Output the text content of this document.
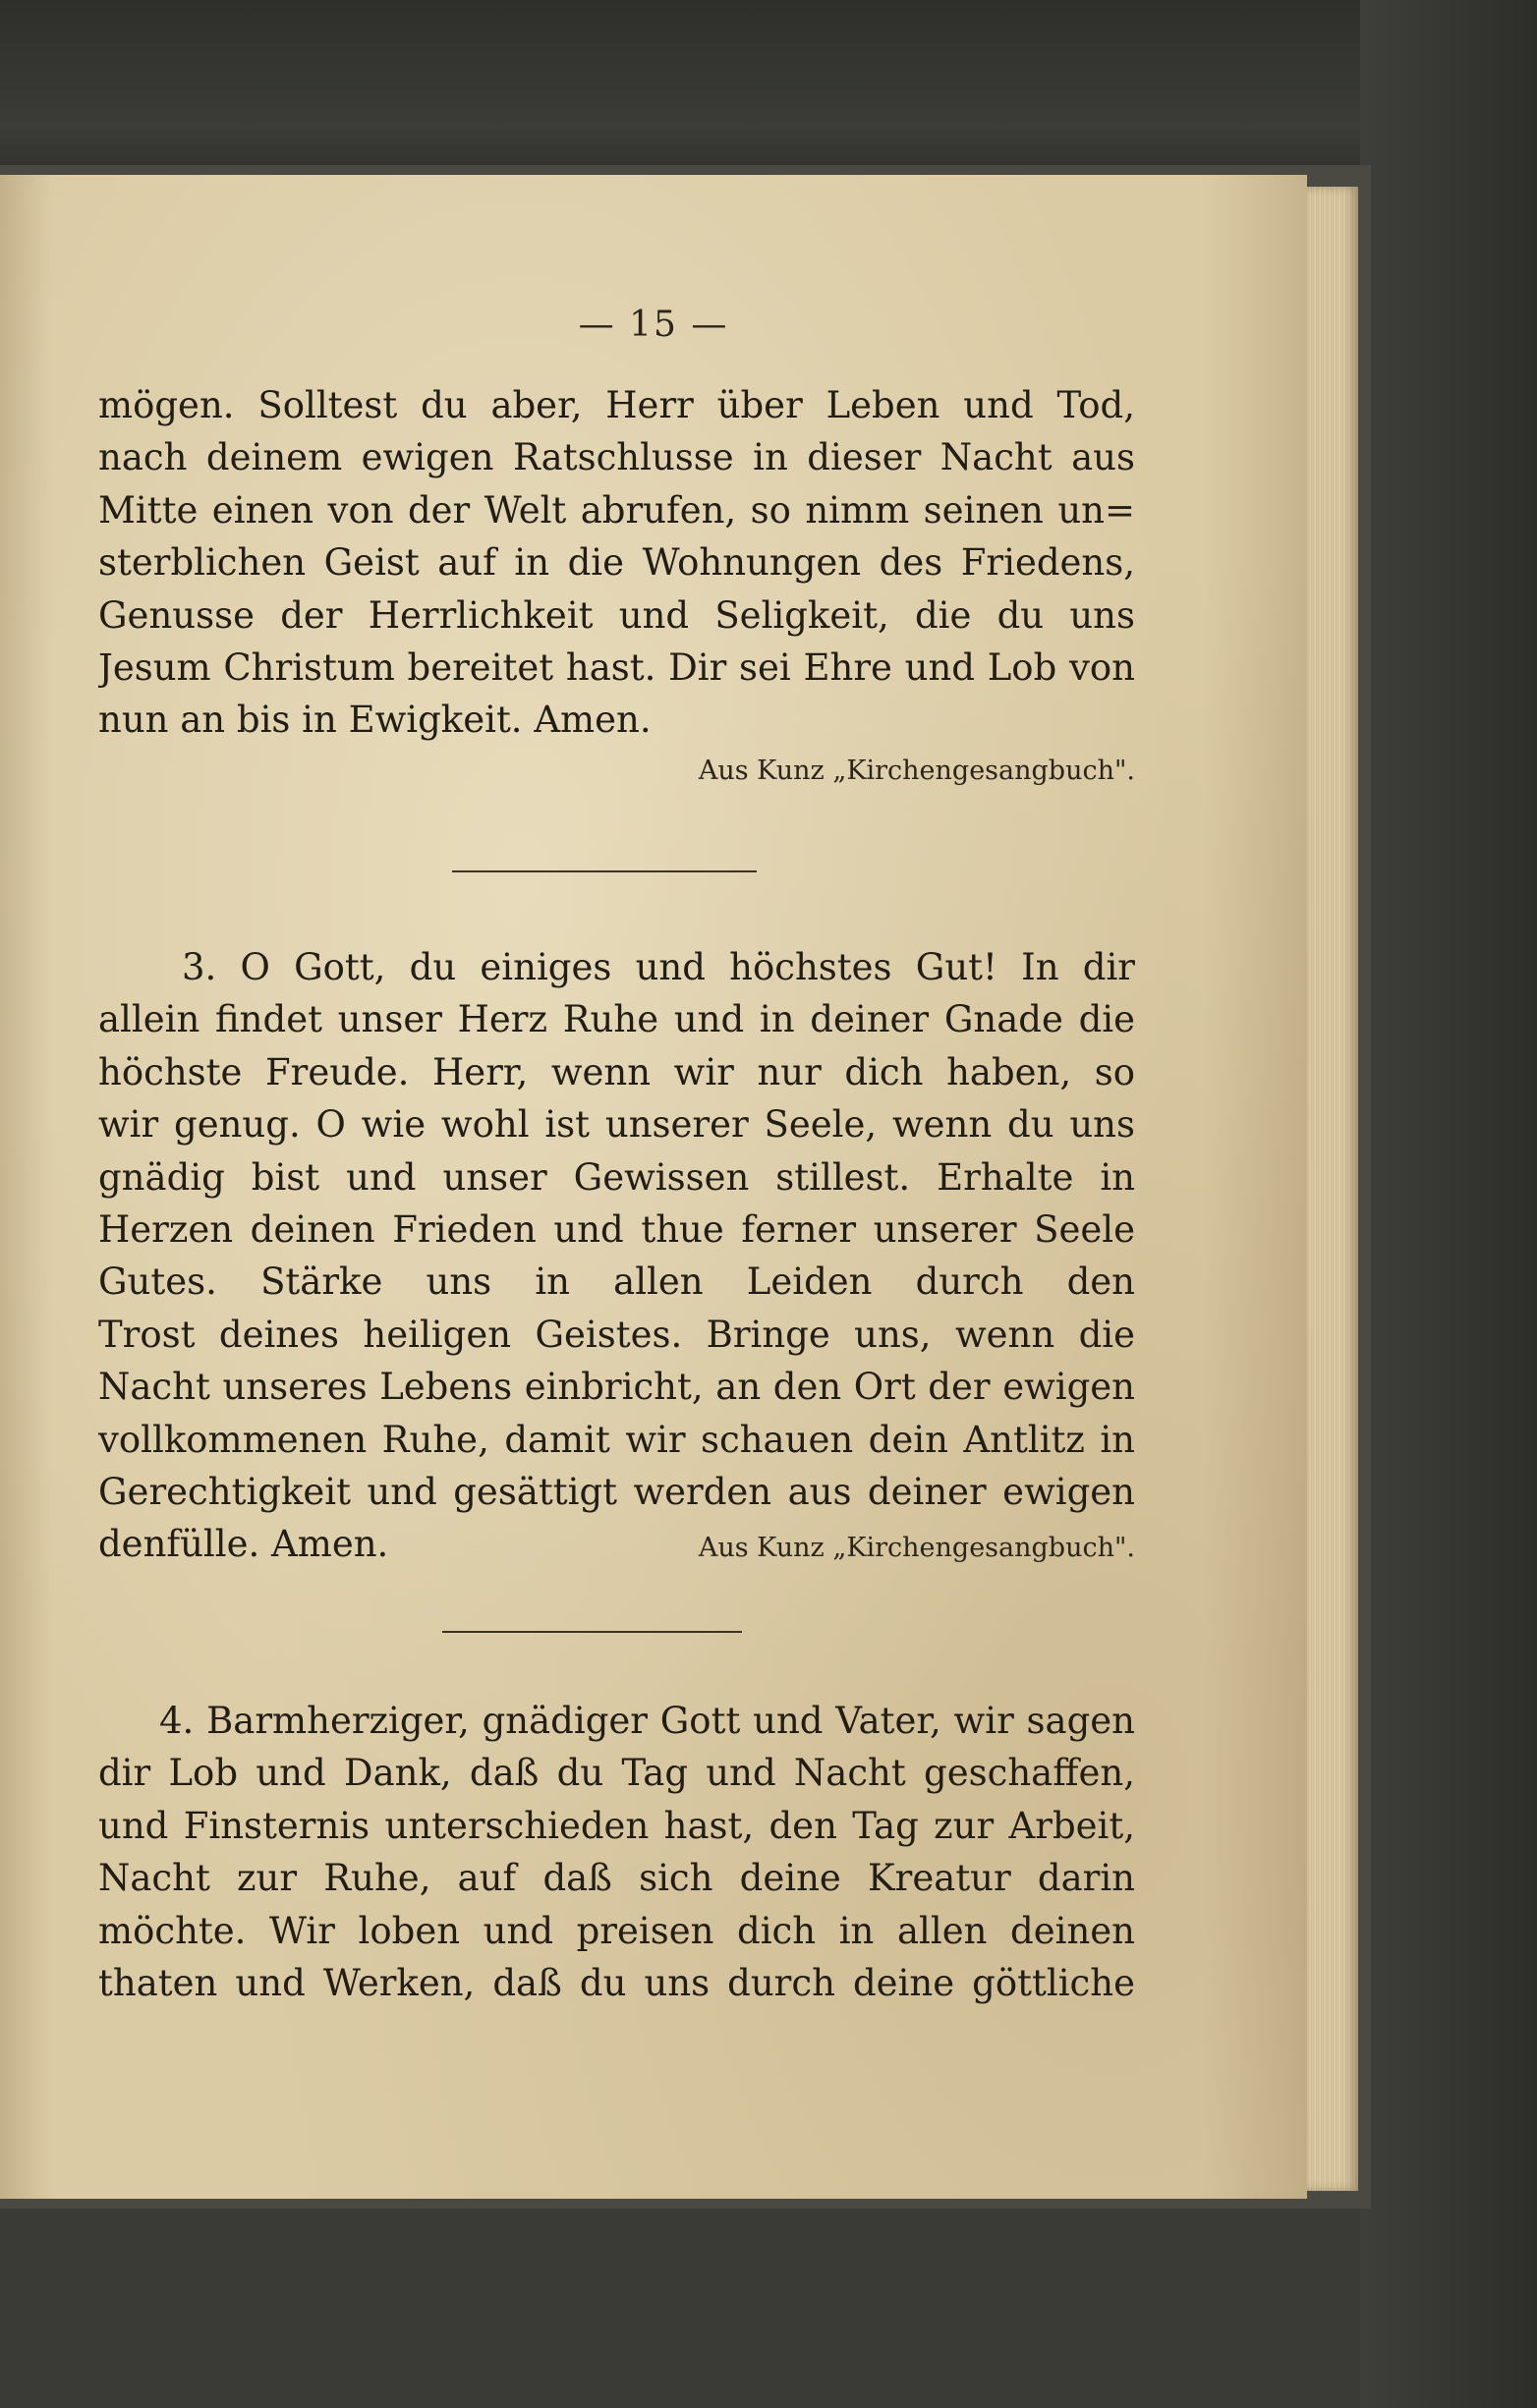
— 15 —
mögen. Solltest du aber, Herr über Leben und Tod,
nach deinem ewigen Ratschlusse in dieser Nacht aus
Mitte einen von der Welt abrufen, so nimm seinen un=
sterblichen Geist auf in die Wohnungen des Friedens,
Genusse der Herrlichkeit und Seligkeit, die du uns
Jesum Christum bereitet hast. Dir sei Ehre und Lob von
nun an bis in Ewigkeit. Amen.
Aus Kunz „Kirchengesangbuch".
3. O Gott, du einiges und höchstes Gut! In dir
allein findet unser Herz Ruhe und in deiner Gnade die
höchste Freude. Herr, wenn wir nur dich haben, so
wir genug. O wie wohl ist unserer Seele, wenn du uns
gnädig bist und unser Gewissen stillest. Erhalte in
Herzen deinen Frieden und thue ferner unserer Seele
Gutes. Stärke uns in allen Leiden durch den
Trost deines heiligen Geistes. Bringe uns, wenn die
Nacht unseres Lebens einbricht, an den Ort der ewigen
vollkommenen Ruhe, damit wir schauen dein Antlitz in
Gerechtigkeit und gesättigt werden aus deiner ewigen
denfülle. Amen.	Aus Kunz „Kirchengesangbuch".
4. Barmherziger, gnädiger Gott und Vater, wir sagen
dir Lob und Dank, daß du Tag und Nacht geschaffen,
und Finsternis unterschieden hast, den Tag zur Arbeit,
Nacht zur Ruhe, auf daß sich deine Kreatur darin
möchte. Wir loben und preisen dich in allen deinen
thaten und Werken, daß du uns durch deine göttliche
